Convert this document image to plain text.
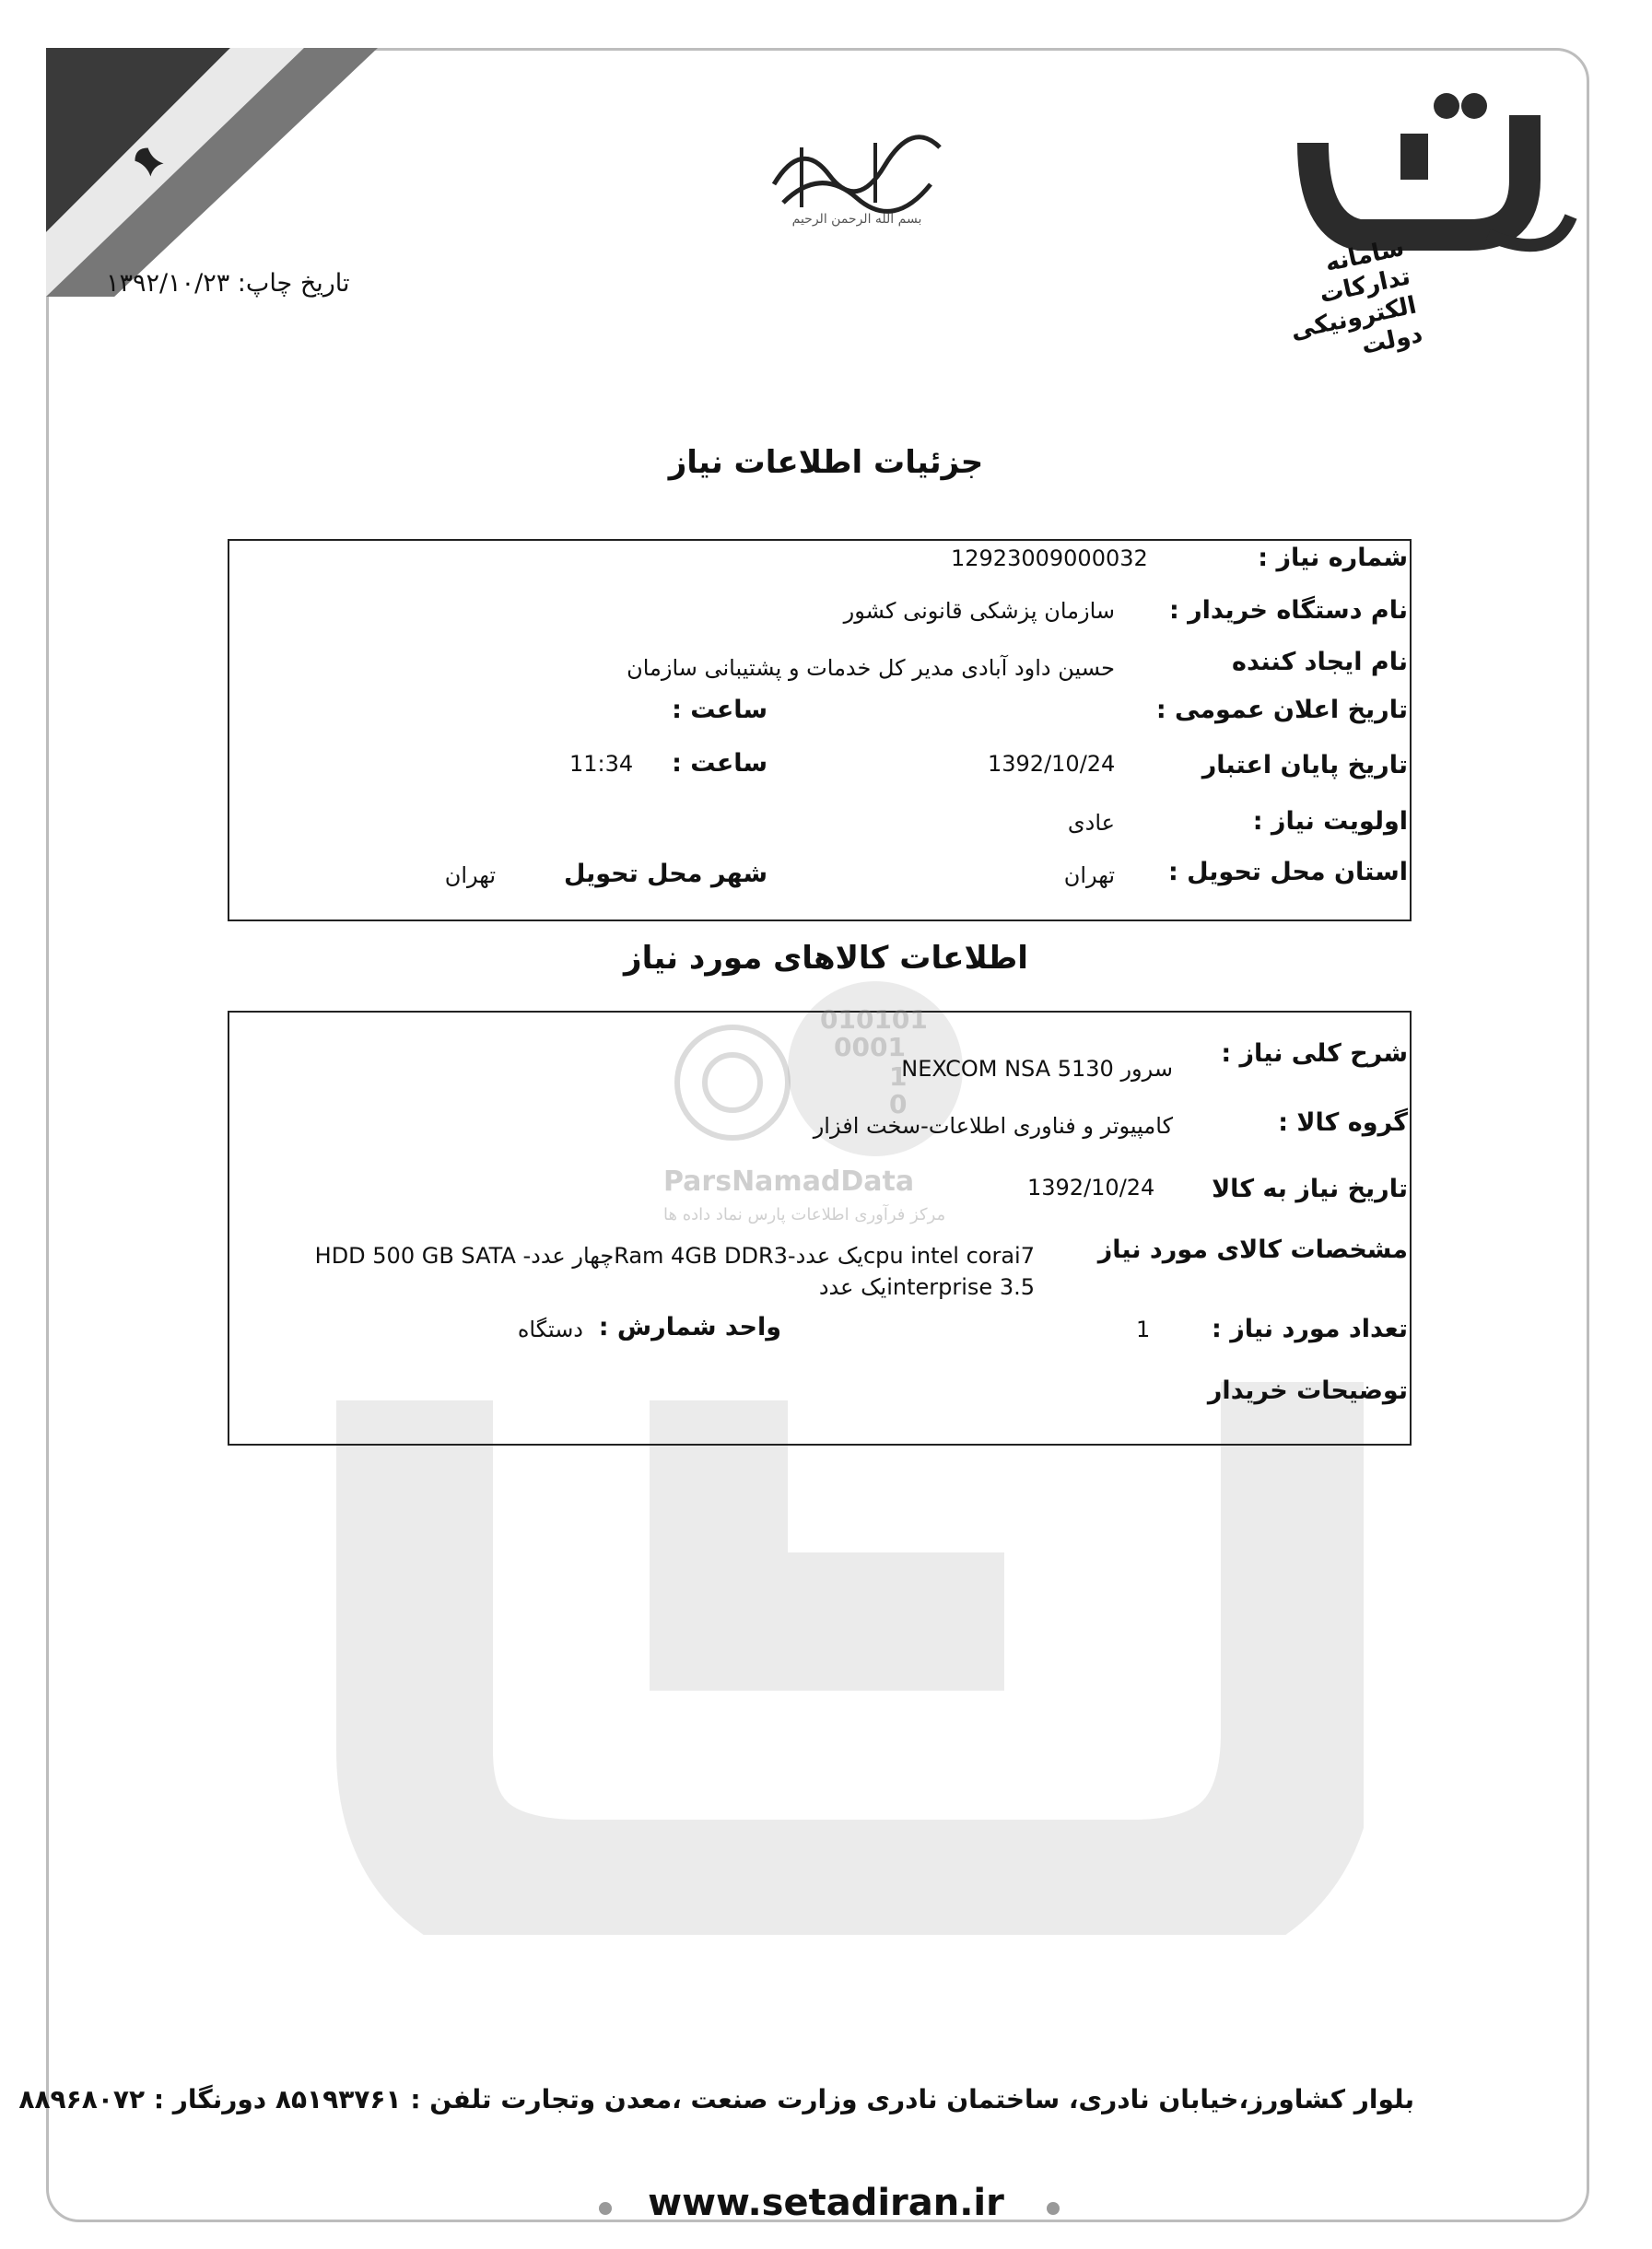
سامانه تدارکات الکترونیکی دولت
بسم الله الرحمن الرحیم
تاریخ چاپ: ۱۳۹۲/۱۰/۲۳
جزئیات اطلاعات نیاز
شماره نیاز :
12923009000032
نام دستگاه خریدار :
سازمان پزشکی قانونی کشور
نام ایجاد کننده
حسین داود آبادی مدیر کل خدمات و پشتیبانی سازمان
تاریخ اعلان عمومی :
ساعت :
تاریخ پایان اعتبار
1392/10/24
ساعت :
11:34
اولویت نیاز :
عادی
استان محل تحویل :
تهران
شهر محل تحویل
تهران
اطلاعات کالاهای مورد نیاز
010101
0001
1
0
ParsNamadData
مرکز فرآوری اطلاعات پارس نماد داده ها
شرح کلی نیاز :
سرور NEXCOM NSA 5130
گروه کالا :
کامپیوتر و فناوری اطلاعات-سخت افزار
تاریخ نیاز به کالا
1392/10/24
مشخصات کالای مورد نیاز
cpu intel corai7یک عدد-Ram 4GB DDR3چهار عدد- HDD 500 GB SATA
interprise 3.5یک عدد
تعداد مورد نیاز :
1
واحد شمارش :
دستگاه
توضیحات خریدار
بلوار کشاورز،خیابان نادری، ساختمان نادری وزارت صنعت ،معدن وتجارت تلفن : ۸۵۱۹۳۷۶۱ دورنگار : ۸۸۹۶۸۰۷۲
www.setadiran.ir
